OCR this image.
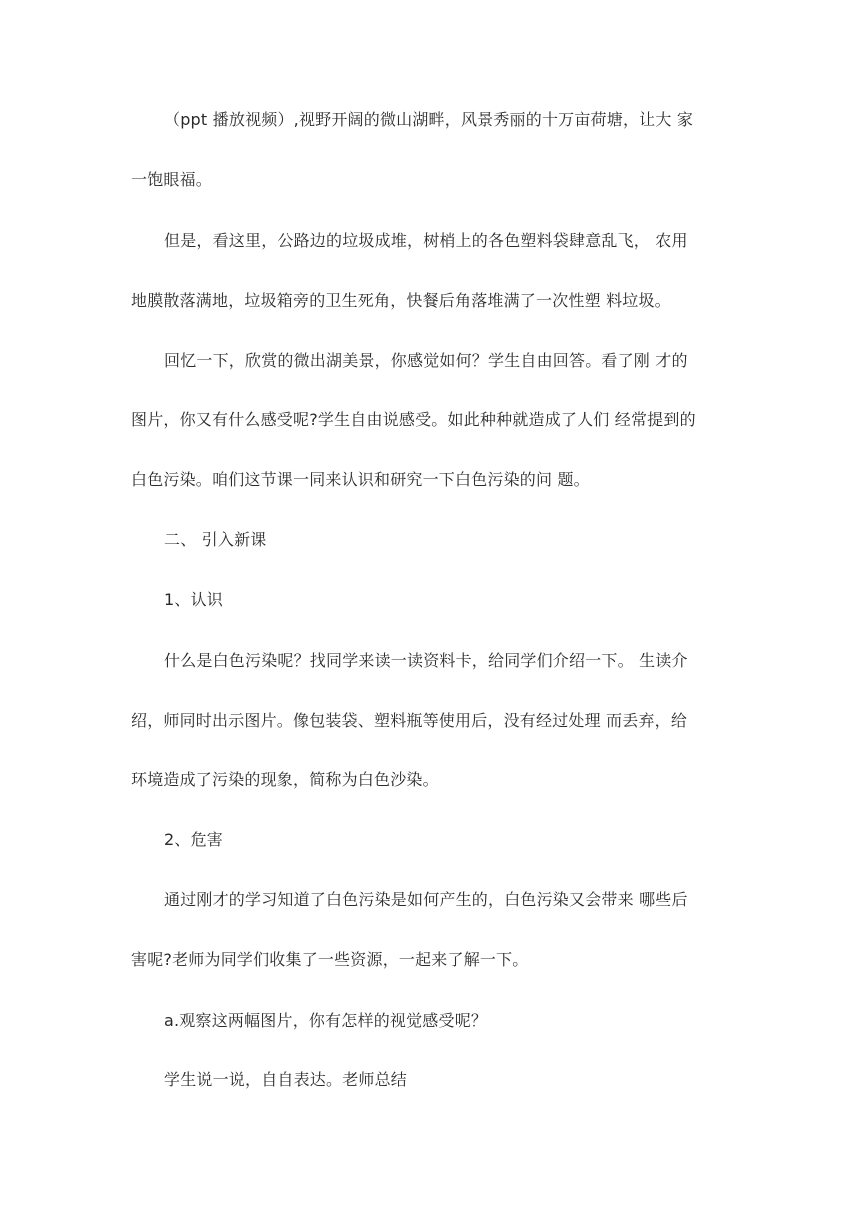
（ppt 播放视频）,视野开阔的微山湖畔，风景秀丽的十万亩荷塘，让大 家
一饱眼福。
但是，看这里，公路边的垃圾成堆，树梢上的各色塑料袋肆意乱飞， 农用
地膜散落满地，垃圾箱旁的卫生死角，快餐后角落堆满了一次性塑 料垃圾。
回忆一下，欣赏的微出湖美景，你感觉如何？学生自由回答。看了刚 才的
图片，你又有什么感受呢?学生自由说感受。如此种种就造成了人们 经常提到的
白色污染。咱们这节课一同来认识和研究一下白色污染的问 题。
二、 引入新课
1、认识
什么是白色污染呢？找同学来读一读资料卡，给同学们介绍一下。 生读介
绍，师同时出示图片。像包装袋、塑料瓶等使用后，没有经过处理 而丢弃，给
环境造成了污染的现象，简称为白色沙染。
2、危害
通过刚才的学习知道了白色污染是如何产生的，白色污染又会带来 哪些后
害呢?老师为同学们收集了一些资源，一起来了解一下。
a.观察这两幅图片，你有怎样的视觉感受呢？
学生说一说，自自表达。老师总结
